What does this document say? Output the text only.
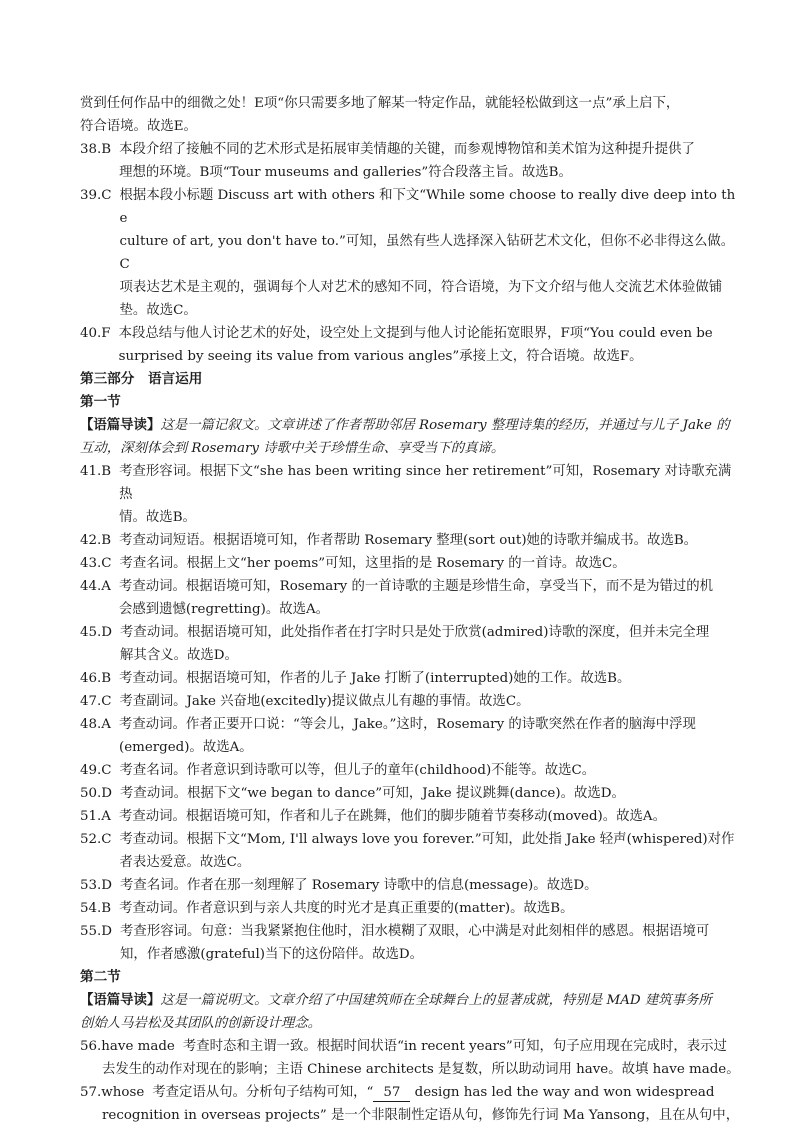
赏到任何作品中的细微之处！E项“你只需要多地了解某一特定作品，就能轻松做到这一点”承上启下，

符合语境。故选E。

38.B 本段介绍了接触不同的艺术形式是拓展审美情趣的关键，而参观博物馆和美术馆为这种提升提供了
理想的环境。B项“Tour museums and galleries”符合段落主旨。故选B。
39.C 根据本段小标题 Discuss art with others 和下文“While some choose to really dive deep into the
culture of art, you don't have to.”可知，虽然有些人选择深入钻研艺术文化，但你不必非得这么做。C
项表达艺术是主观的，强调每个人对艺术的感知不同，符合语境，为下文介绍与他人交流艺术体验做铺
垫。故选C。
40.F 本段总结与他人讨论艺术的好处，设空处上文提到与他人讨论能拓宽眼界，F项“You could even be
surprised by seeing its value from various angles”承接上文，符合语境。故选F。

第三部分　语言运用

第一节

【语篇导读】这是一篇记叙文。文章讲述了作者帮助邻居 Rosemary 整理诗集的经历，并通过与儿子 Jake 的

互动，深刻体会到 Rosemary 诗歌中关于珍惜生命、享受当下的真谛。

41.B 考查形容词。根据下文“she has been writing since her retirement”可知，Rosemary 对诗歌充满热
情。故选B。
42.B 考查动词短语。根据语境可知，作者帮助 Rosemary 整理(sort out)她的诗歌并编成书。故选B。
43.C 考查名词。根据上文“her poems”可知，这里指的是 Rosemary 的一首诗。故选C。
44.A 考查动词。根据语境可知，Rosemary 的一首诗歌的主题是珍惜生命，享受当下，而不是为错过的机
会感到遗憾(regretting)。故选A。
45.D 考查动词。根据语境可知，此处指作者在打字时只是处于欣赏(admired)诗歌的深度，但并未完全理
解其含义。故选D。
46.B 考查动词。根据语境可知，作者的儿子 Jake 打断了(interrupted)她的工作。故选B。
47.C 考查副词。Jake 兴奋地(excitedly)提议做点儿有趣的事情。故选C。
48.A 考查动词。作者正要开口说：“等会儿，Jake。”这时，Rosemary 的诗歌突然在作者的脑海中浮现
(emerged)。故选A。
49.C 考查名词。作者意识到诗歌可以等，但儿子的童年(childhood)不能等。故选C。
50.D 考查动词。根据下文“we began to dance”可知，Jake 提议跳舞(dance)。故选D。
51.A 考查动词。根据语境可知，作者和儿子在跳舞，他们的脚步随着节奏移动(moved)。故选A。
52.C 考查动词。根据下文“Mom, I'll always love you forever.”可知，此处指 Jake 轻声(whispered)对作
者表达爱意。故选C。
53.D 考查名词。作者在那一刻理解了 Rosemary 诗歌中的信息(message)。故选D。
54.B 考查动词。作者意识到与亲人共度的时光才是真正重要的(matter)。故选B。
55.D 考查形容词。句意：当我紧紧抱住他时，泪水模糊了双眼，心中满是对此刻相伴的感恩。根据语境可
知，作者感激(grateful)当下的这份陪伴。故选D。

第二节

【语篇导读】这是一篇说明文。文章介绍了中国建筑师在全球舞台上的显著成就，特别是 MAD 建筑事务所

创始人马岩松及其团队的创新设计理念。

56.have made 考查时态和主谓一致。根据时间状语“in recent years”可知，句子应用现在完成时，表示过

去发生的动作对现在的影响；主语 Chinese architects 是复数，所以助动词用 have。故填 have made。

57.whose 考查定语从句。分析句子结构可知，“ 57 design has led the way and won widespread

recognition in overseas projects” 是一个非限制性定语从句，修饰先行词 Ma Yansong，且在从句中，
